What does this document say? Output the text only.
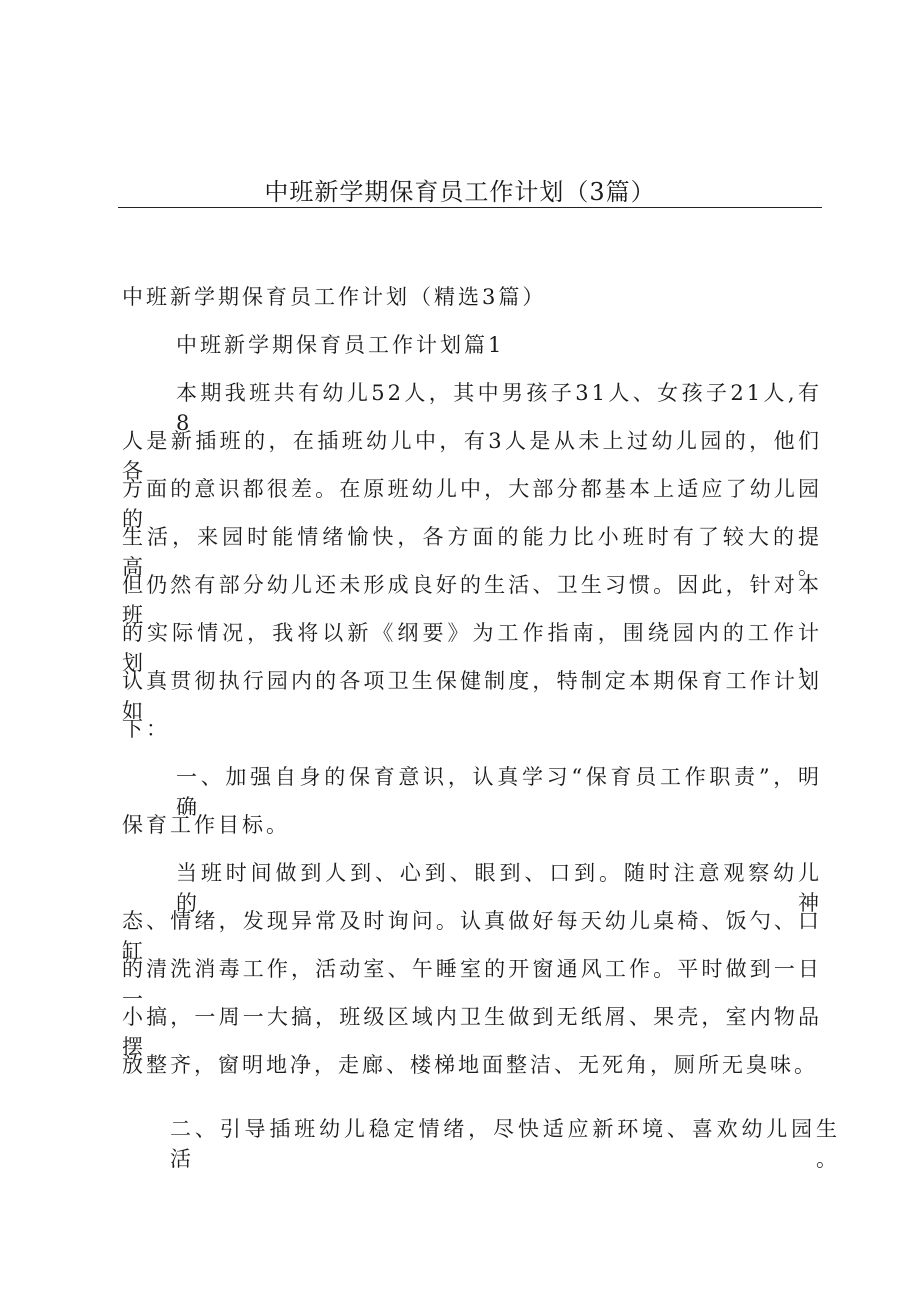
中班新学期保育员工作计划（3篇）

中班新学期保育员工作计划（精选3篇）

中班新学期保育员工作计划篇1

本期我班共有幼儿52人，其中男孩子31人、女孩子21人,有8

人是新插班的，在插班幼儿中，有3人是从未上过幼儿园的，他们各

方面的意识都很差。在原班幼儿中，大部分都基本上适应了幼儿园的

生活，来园时能情绪愉快，各方面的能力比小班时有了较大的提高。

但仍然有部分幼儿还未形成良好的生活、卫生习惯。因此，针对本班

的实际情况，我将以新《纲要》为工作指南，围绕园内的工作计划，

认真贯彻执行园内的各项卫生保健制度，特制定本期保育工作计划如

下：

一、加强自身的保育意识，认真学习“保育员工作职责”，明确

保育工作目标。

当班时间做到人到、心到、眼到、口到。随时注意观察幼儿的神

态、情绪，发现异常及时询问。认真做好每天幼儿桌椅、饭勺、口缸

的清洗消毒工作，活动室、午睡室的开窗通风工作。平时做到一日一

小搞，一周一大搞，班级区域内卫生做到无纸屑、果壳，室内物品摆

放整齐，窗明地净，走廊、楼梯地面整洁、无死角，厕所无臭味。

二、引导插班幼儿稳定情绪，尽快适应新环境、喜欢幼儿园生活。
